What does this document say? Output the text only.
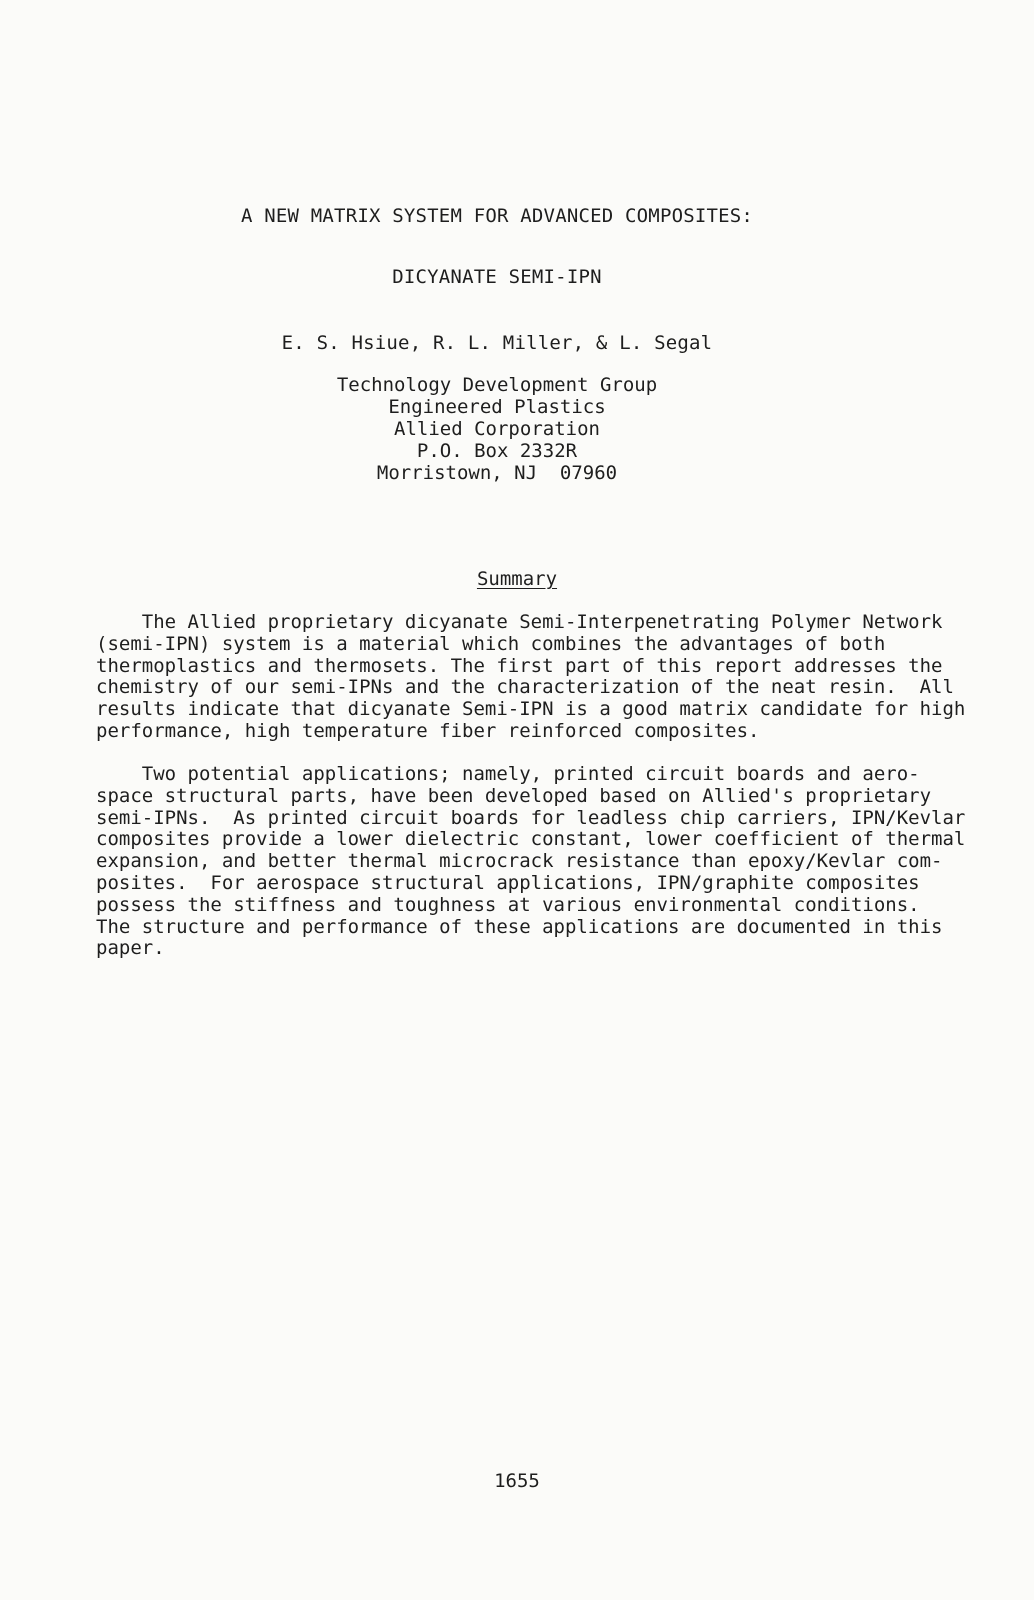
A NEW MATRIX SYSTEM FOR ADVANCED COMPOSITES:
DICYANATE SEMI-IPN
E. S. Hsiue, R. L. Miller, & L. Segal
Technology Development Group
Engineered Plastics
Allied Corporation
P.O. Box 2332R
Morristown, NJ  07960
Summary
The Allied proprietary dicyanate Semi-Interpenetrating Polymer Network
(semi-IPN) system is a material which combines the advantages of both
thermoplastics and thermosets. The first part of this report addresses the
chemistry of our semi-IPNs and the characterization of the neat resin.  All
results indicate that dicyanate Semi-IPN is a good matrix candidate for high
performance, high temperature fiber reinforced composites.
Two potential applications; namely, printed circuit boards and aero-
space structural parts, have been developed based on Allied's proprietary
semi-IPNs.  As printed circuit boards for leadless chip carriers, IPN/Kevlar
composites provide a lower dielectric constant, lower coefficient of thermal
expansion, and better thermal microcrack resistance than epoxy/Kevlar com-
posites.  For aerospace structural applications, IPN/graphite composites
possess the stiffness and toughness at various environmental conditions.
The structure and performance of these applications are documented in this
paper.
1655
